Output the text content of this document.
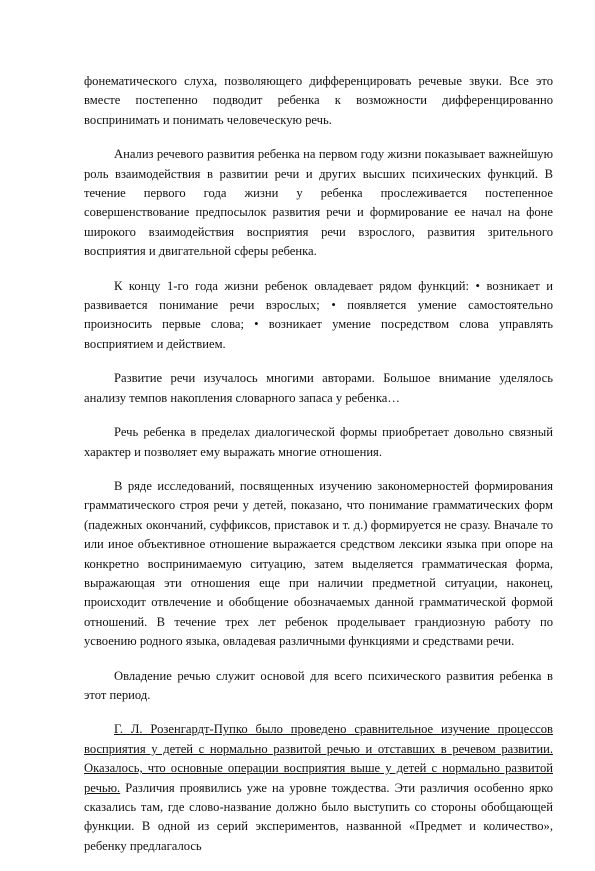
фонематического слуха, позволяющего дифференцировать речевые звуки. Все это вместе постепенно подводит ребенка к возможности дифференцированно воспринимать и понимать человеческую речь.

Анализ речевого развития ребенка на первом году жизни показывает важнейшую роль взаимодействия в развитии речи и других высших психических функций. В течение первого года жизни у ребенка прослеживается постепенное совершенствование предпосылок развития речи и формирование ее начал на фоне широкого взаимодействия восприятия речи взрослого, развития зрительного восприятия и двигательной сферы ребенка.

К концу 1-го года жизни ребенок овладевает рядом функций: • возникает и развивается понимание речи взрослых; • появляется умение самостоятельно произносить первые слова; • возникает умение посредством слова управлять восприятием и действием.

Развитие речи изучалось многими авторами. Большое внимание уделялось анализу темпов накопления словарного запаса у ребенка…

Речь ребенка в пределах диалогической формы приобретает довольно связный характер и позволяет ему выражать многие отношения.

В ряде исследований, посвященных изучению закономерностей формирования грамматического строя речи у детей, показано, что понимание грамматических форм (падежных окончаний, суффиксов, приставок и т. д.) формируется не сразу. Вначале то или иное объективное отношение выражается средством лексики языка при опоре на конкретно воспринимаемую ситуацию, затем выделяется грамматическая форма, выражающая эти отношения еще при наличии предметной ситуации, наконец, происходит отвлечение и обобщение обозначаемых данной грамматической формой отношений. В течение трех лет ребенок проделывает грандиозную работу по усвоению родного языка, овладевая различными функциями и средствами речи.

Овладение речью служит основой для всего психического развития ребенка в этот период.

Г. Л. Розенгардт-Пупко было проведено сравнительное изучение процессов восприятия у детей с нормально развитой речью и отставших в речевом развитии. Оказалось, что основные операции восприятия выше у детей с нормально развитой речью. Различия проявились уже на уровне тождества. Эти различия особенно ярко сказались там, где слово-название должно было выступить со стороны обобщающей функции. В одной из серий экспериментов, названной «Предмет и количество», ребенку предлагалось
